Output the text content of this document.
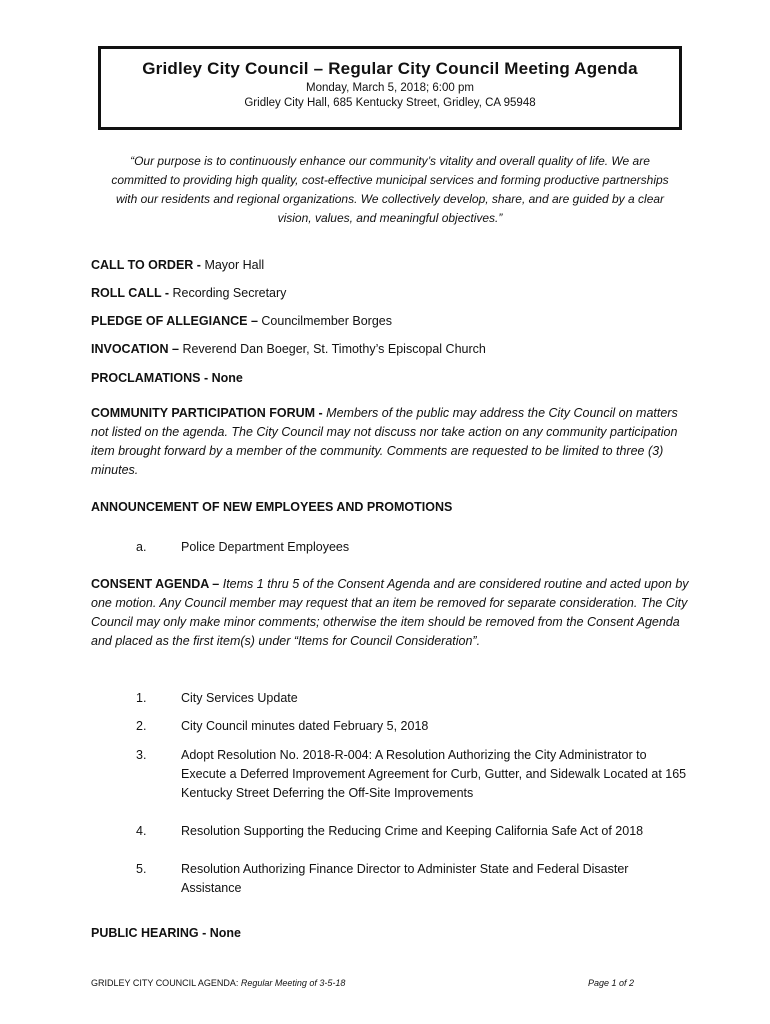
Gridley City Council – Regular City Council Meeting Agenda
Monday, March 5, 2018; 6:00 pm
Gridley City Hall, 685 Kentucky Street, Gridley, CA 95948
“Our purpose is to continuously enhance our community’s vitality and overall quality of life. We are committed to providing high quality, cost-effective municipal services and forming productive partnerships with our residents and regional organizations. We collectively develop, share, and are guided by a clear vision, values, and meaningful objectives.”
CALL TO ORDER - Mayor Hall
ROLL CALL - Recording Secretary
PLEDGE OF ALLEGIANCE – Councilmember Borges
INVOCATION – Reverend Dan Boeger, St. Timothy’s Episcopal Church
PROCLAMATIONS - None
COMMUNITY PARTICIPATION FORUM - Members of the public may address the City Council on matters not listed on the agenda. The City Council may not discuss nor take action on any community participation item brought forward by a member of the community. Comments are requested to be limited to three (3) minutes.
ANNOUNCEMENT OF NEW EMPLOYEES AND PROMOTIONS
a.	Police Department Employees
CONSENT AGENDA – Items 1 thru 5 of the Consent Agenda and are considered routine and acted upon by one motion. Any Council member may request that an item be removed for separate consideration. The City Council may only make minor comments; otherwise the item should be removed from the Consent Agenda and placed as the first item(s) under “Items for Council Consideration”.
1.	City Services Update
2.	City Council minutes dated February 5, 2018
3.	Adopt Resolution No. 2018-R-004: A Resolution Authorizing the City Administrator to Execute a Deferred Improvement Agreement for Curb, Gutter, and Sidewalk Located at 165 Kentucky Street Deferring the Off-Site Improvements
4.	Resolution Supporting the Reducing Crime and Keeping California Safe Act of 2018
5.	Resolution Authorizing Finance Director to Administer State and Federal Disaster Assistance
PUBLIC HEARING - None
GRIDLEY CITY COUNCIL AGENDA: Regular Meeting of 3-5-18	Page 1 of 2
